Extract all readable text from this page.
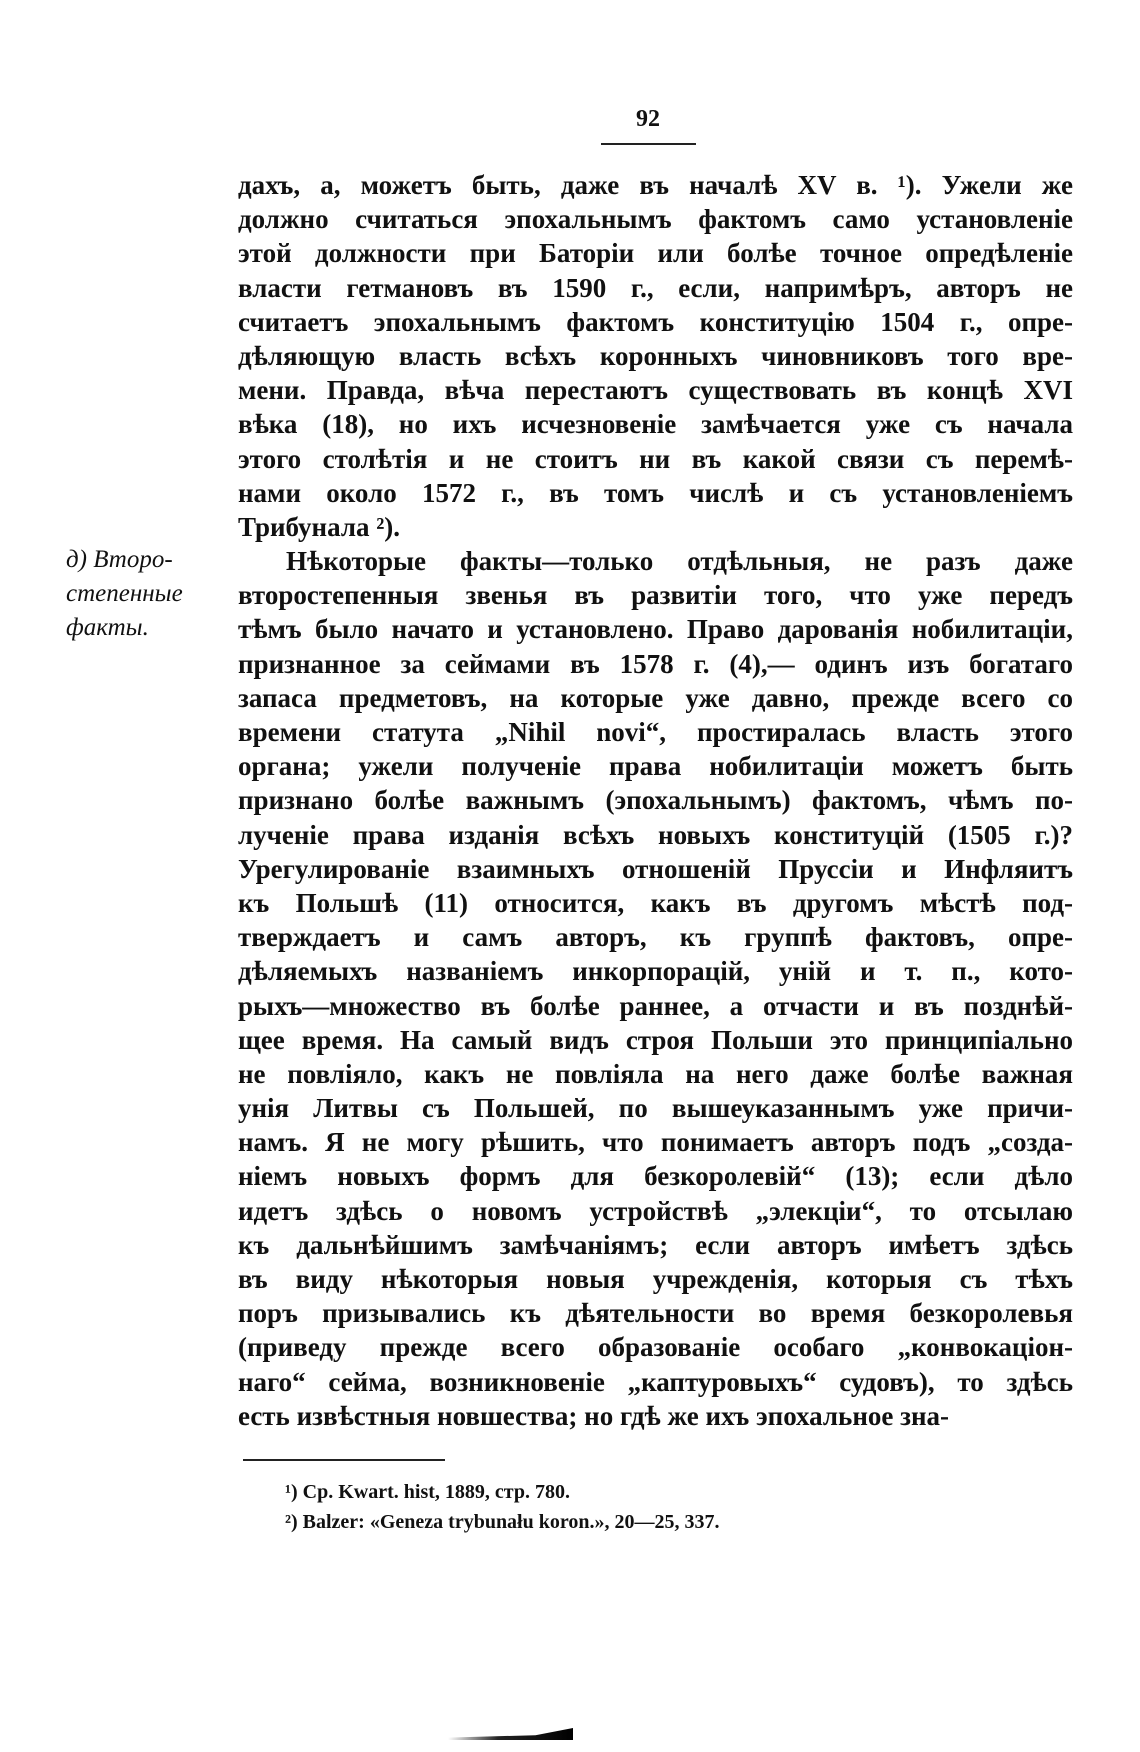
92
д) Второ-
степенные
факты.
дахъ, а, можетъ быть, даже въ началѣ XV в. ¹). Ужели же
должно считаться эпохальнымъ фактомъ само установленіе
этой должности при Баторіи или болѣе точное опредѣленіе
власти гетмановъ въ 1590 г., если, напримѣръ, авторъ не
считаетъ эпохальнымъ фактомъ конституцію 1504 г., опре-
дѣляющую власть всѣхъ коронныхъ чиновниковъ того вре-
мени. Правда, вѣча перестаютъ существовать въ концѣ XVI
вѣка (18), но ихъ исчезновеніе замѣчается уже съ начала
этого столѣтія и не стоитъ ни въ какой связи съ перемѣ-
нами около 1572 г., въ томъ числѣ и съ установленіемъ
Трибунала ²).
Нѣкоторые факты—только отдѣльныя, не разъ даже
второстепенныя звенья въ развитіи того, что уже передъ
тѣмъ было начато и установлено. Право дарованія нобилитаціи,
признанное за сеймами въ 1578 г. (4),— одинъ изъ богатаго
запаса предметовъ, на которые уже давно, прежде всего со
времени статута „Nihil novi“, простиралась власть этого
органа; ужели полученіе права нобилитаціи можетъ быть
признано болѣе важнымъ (эпохальнымъ) фактомъ, чѣмъ по-
лученіе права изданія всѣхъ новыхъ конституцій (1505 г.)?
Урегулированіе взаимныхъ отношеній Пруссіи и Инфляитъ
къ Польшѣ (11) относится, какъ въ другомъ мѣстѣ под-
тверждаетъ и самъ авторъ, къ группѣ фактовъ, опре-
дѣляемыхъ названіемъ инкорпорацій, уній и т. п., кото-
рыхъ—множество въ болѣе раннее, а отчасти и въ позднѣй-
щее время. На самый видъ строя Польши это принципіально
не повліяло, какъ не повліяла на него даже болѣе важная
унія Литвы съ Польшей, по вышеуказаннымъ уже причи-
намъ. Я не могу рѣшить, что понимаетъ авторъ подъ „созда-
ніемъ новыхъ формъ для безкоролевій“ (13); если дѣло
идетъ здѣсь о новомъ устройствѣ „элекціи“, то отсылаю
къ дальнѣйшимъ замѣчаніямъ; если авторъ имѣетъ здѣсь
въ виду нѣкоторыя новыя учрежденія, которыя съ тѣхъ
поръ призывались къ дѣятельности во время безкоролевья
(приведу прежде всего образованіе особаго „конвокаціон-
наго“ сейма, возникновеніе „каптуровыхъ“ судовъ), то здѣсь
есть извѣстныя новшества; но гдѣ же ихъ эпохальное зна-
¹) Ср. Kwart. hist, 1889, стр. 780.
²) Balzer: «Geneza trybunału koron.», 20—25, 337.
